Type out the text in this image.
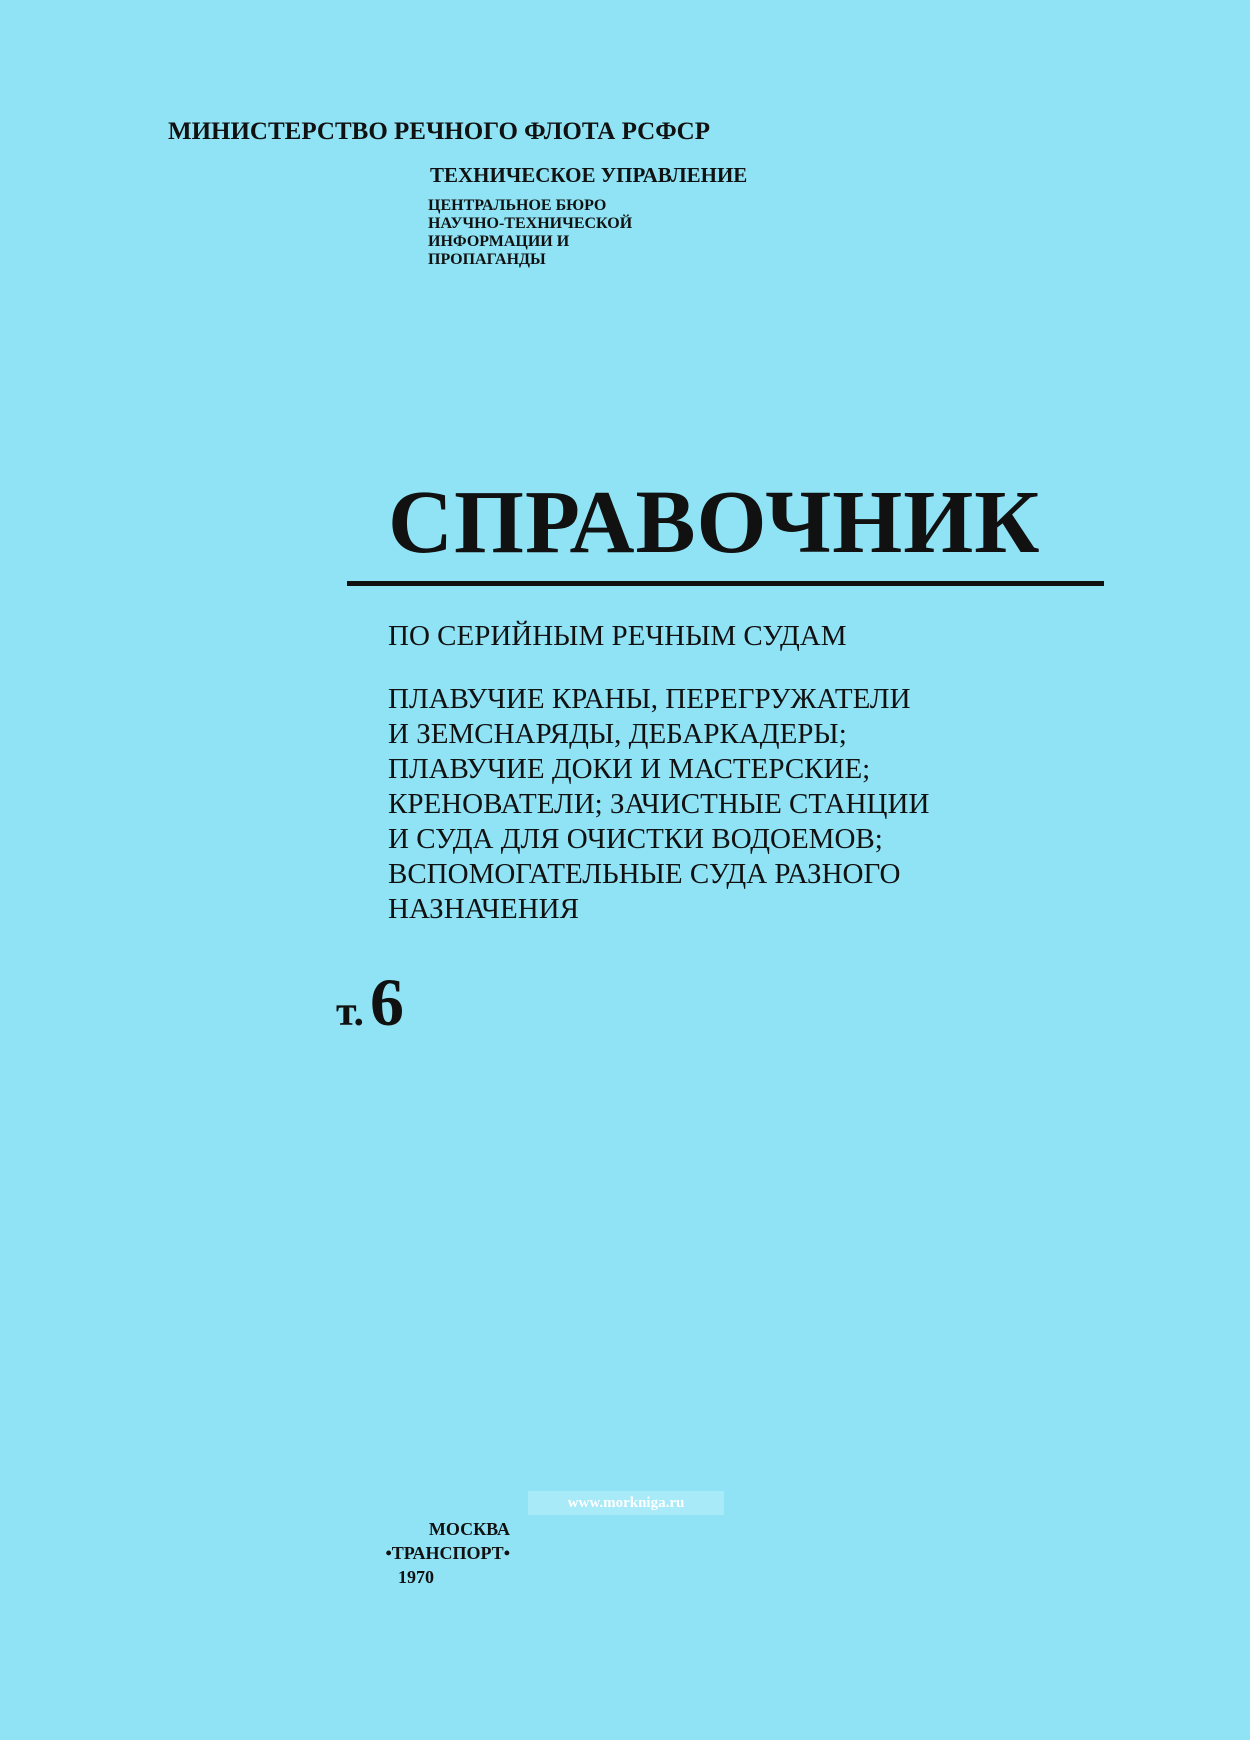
МИНИСТЕРСТВО РЕЧНОГО ФЛОТА РСФСР
ТЕХНИЧЕСКОЕ УПРАВЛЕНИЕ
ЦЕНТРАЛЬНОЕ БЮРО
НАУЧНО-ТЕХНИЧЕСКОЙ
ИНФОРМАЦИИ И
ПРОПАГАНДЫ
СПРАВОЧНИК
ПО СЕРИЙНЫМ РЕЧНЫМ СУДАМ
ПЛАВУЧИЕ КРАНЫ, ПЕРЕГРУЖАТЕЛИ
И ЗЕМСНАРЯДЫ, ДЕБАРКАДЕРЫ;
ПЛАВУЧИЕ ДОКИ И МАСТЕРСКИЕ;
КРЕНОВАТЕЛИ; ЗАЧИСТНЫЕ СТАНЦИИ
И СУДА ДЛЯ ОЧИСТКИ ВОДОЕМОВ;
ВСПОМОГАТЕЛЬНЫЕ СУДА РАЗНОГО
НАЗНАЧЕНИЯ
т.6
www.morkniga.ru
МОСКВА
•ТРАНСПОРТ•
1970
